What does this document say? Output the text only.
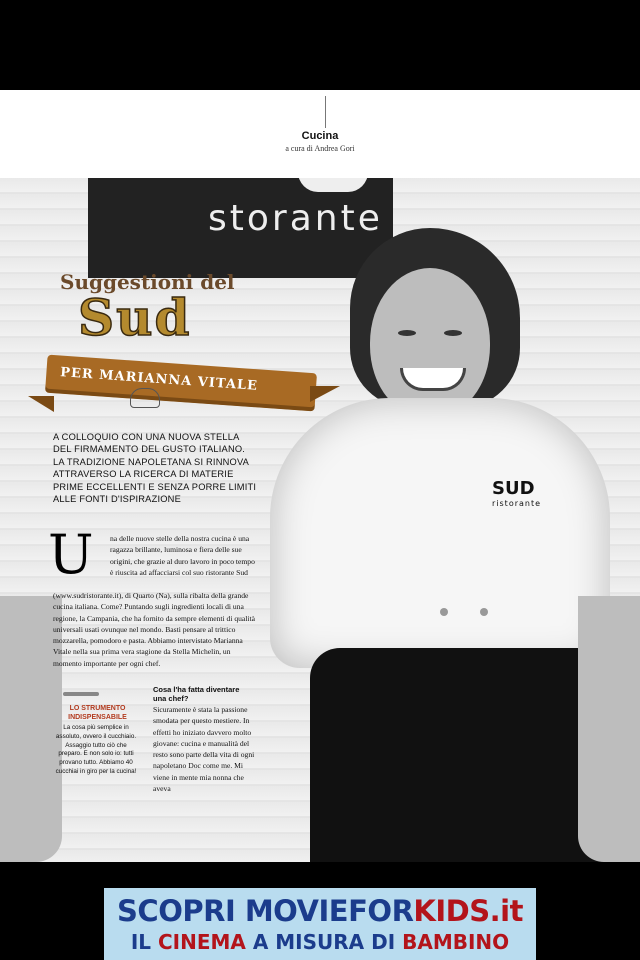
Cucina
a cura di Andrea Gori
storante
SUD
ristorante
Suggestioni del
Sud
PER MARIANNA VITALE
A COLLOQUIO CON UNA NUOVA STELLA DEL FIRMAMENTO DEL GUSTO ITALIANO. LA TRADIZIONE NAPOLETANA SI RINNOVA ATTRAVERSO LA RICERCA DI MATERIE PRIME ECCELLENTI E SENZA PORRE LIMITI ALLE FONTI D'ISPIRAZIONE
U na delle nuove stelle della nostra cucina è una ragazza brillante, luminosa e fiera delle sue origini, che grazie al duro lavoro in poco tempo è riuscita ad affacciarsi col suo ristorante Sud
(www.sudristorante.it), di Quarto (Na), sulla ribalta della grande cucina italiana. Come? Puntando sugli ingredienti locali di una regione, la Campania, che ha fornito da sempre elementi di qualità universali usati ovunque nel mondo. Basti pensare al trittico mozzarella, pomodoro e pasta. Abbiamo intervistato Marianna Vitale nella sua prima vera stagione da Stella Michelin, un momento importante per ogni chef.
LO STRUMENTO INDISPENSABILE
La cosa più semplice in assoluto, ovvero il cucchiaio. Assaggio tutto ciò che preparo. E non solo io: tutti provano tutto. Abbiamo 40 cucchiai in giro per la cucina!
Cosa l'ha fatta diventare una chef?
Sicuramente è stata la passione smodata per questo mestiere. In effetti ho iniziato davvero molto giovane: cucina e manualità del resto sono parte della vita di ogni napoletano Doc come me. Mi viene in mente mia nonna che aveva
SCOPRI MOVIEFORKIDS.it
IL CINEMA A MISURA DI BAMBINO
